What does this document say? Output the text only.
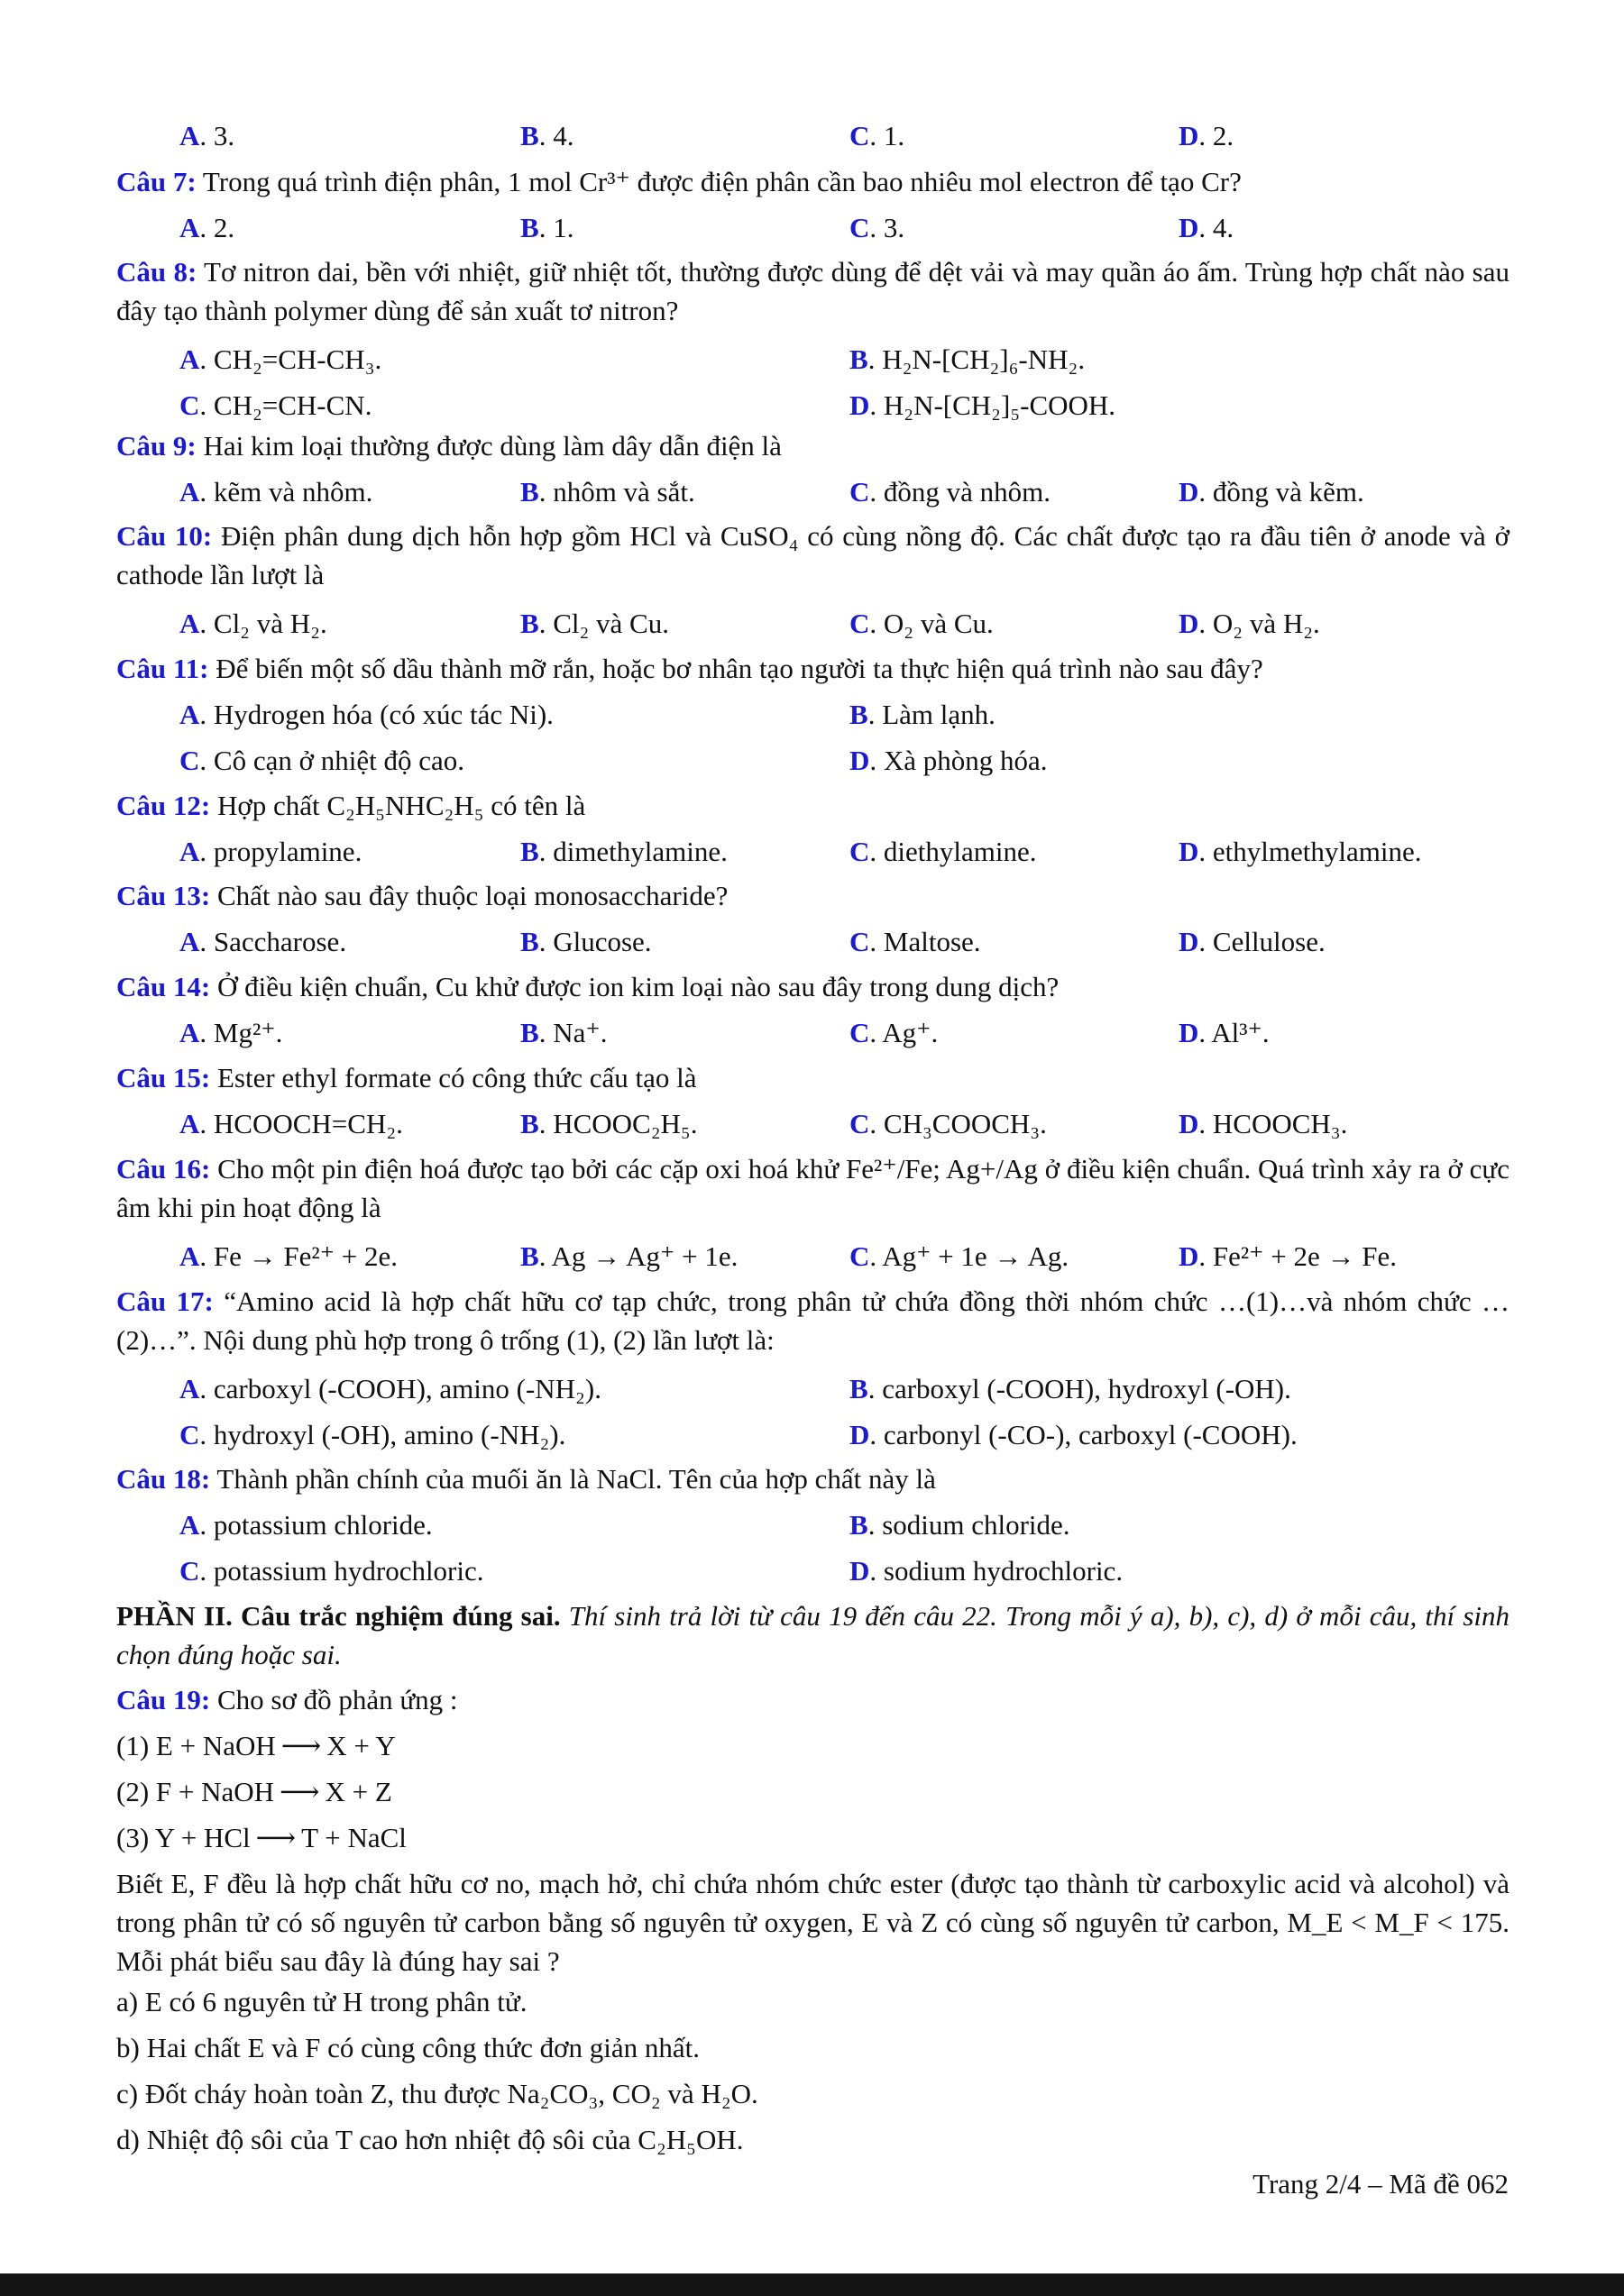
A. 3.	B. 4.	C. 1.	D. 2.
Câu 7: Trong quá trình điện phân, 1 mol Cr³⁺ được điện phân cần bao nhiêu mol electron để tạo Cr?
A. 2.	B. 1.	C. 3.	D. 4.
Câu 8: Tơ nitron dai, bền với nhiệt, giữ nhiệt tốt, thường được dùng để dệt vải và may quần áo ấm. Trùng hợp chất nào sau đây tạo thành polymer dùng để sản xuất tơ nitron?
A. CH₂=CH-CH₃.	B. H₂N-[CH₂]₆-NH₂.
C. CH₂=CH-CN.	D. H₂N-[CH₂]₅-COOH.
Câu 9: Hai kim loại thường được dùng làm dây dẫn điện là
A. kẽm và nhôm.	B. nhôm và sắt.	C. đồng và nhôm.	D. đồng và kẽm.
Câu 10: Điện phân dung dịch hỗn hợp gồm HCl và CuSO₄ có cùng nồng độ. Các chất được tạo ra đầu tiên ở anode và ở cathode lần lượt là
A. Cl₂ và H₂.	B. Cl₂ và Cu.	C. O₂ và Cu.	D. O₂ và H₂.
Câu 11: Để biến một số dầu thành mỡ rắn, hoặc bơ nhân tạo người ta thực hiện quá trình nào sau đây?
A. Hydrogen hóa (có xúc tác Ni).	B. Làm lạnh.
C. Cô cạn ở nhiệt độ cao.	D. Xà phòng hóa.
Câu 12: Hợp chất C₂H₅NHC₂H₅ có tên là
A. propylamine.	B. dimethylamine.	C. diethylamine.	D. ethylmethylamine.
Câu 13: Chất nào sau đây thuộc loại monosaccharide?
A. Saccharose.	B. Glucose.	C. Maltose.	D. Cellulose.
Câu 14: Ở điều kiện chuẩn, Cu khử được ion kim loại nào sau đây trong dung dịch?
A. Mg²⁺.	B. Na⁺.	C. Ag⁺.	D. Al³⁺.
Câu 15: Ester ethyl formate có công thức cấu tạo là
A. HCOOCH=CH₂.	B. HCOOC₂H₅.	C. CH₃COOCH₃.	D. HCOOCH₃.
Câu 16: Cho một pin điện hoá được tạo bởi các cặp oxi hoá khử Fe²⁺/Fe; Ag+/Ag ở điều kiện chuẩn. Quá trình xảy ra ở cực âm khi pin hoạt động là
A. Fe → Fe²⁺ + 2e.	B. Ag → Ag⁺ + 1e.	C. Ag⁺ + 1e → Ag.	D. Fe²⁺ + 2e → Fe.
Câu 17: “Amino acid là hợp chất hữu cơ tạp chức, trong phân tử chứa đồng thời nhóm chức …(1)…và nhóm chức …(2)…”. Nội dung phù hợp trong ô trống (1), (2) lần lượt là:
A. carboxyl (-COOH), amino (-NH₂).	B. carboxyl (-COOH), hydroxyl (-OH).
C. hydroxyl (-OH), amino (-NH₂).	D. carbonyl (-CO-), carboxyl (-COOH).
Câu 18: Thành phần chính của muối ăn là NaCl. Tên của hợp chất này là
A. potassium chloride.	B. sodium chloride.
C. potassium hydrochloric.	D. sodium hydrochloric.
PHẦN II. Câu trắc nghiệm đúng sai. Thí sinh trả lời từ câu 19 đến câu 22. Trong mỗi ý a), b), c), d) ở mỗi câu, thí sinh chọn đúng hoặc sai.
Câu 19: Cho sơ đồ phản ứng :
(1) E + NaOH ⟶ X + Y
(2) F + NaOH ⟶ X + Z
(3) Y + HCl ⟶ T + NaCl
Biết E, F đều là hợp chất hữu cơ no, mạch hở, chỉ chứa nhóm chức ester (được tạo thành từ carboxylic acid và alcohol) và trong phân tử có số nguyên tử carbon bằng số nguyên tử oxygen, E và Z có cùng số nguyên tử carbon, M_E < M_F < 175. Mỗi phát biểu sau đây là đúng hay sai ?
a) E có 6 nguyên tử H trong phân tử.
b) Hai chất E và F có cùng công thức đơn giản nhất.
c) Đốt cháy hoàn toàn Z, thu được Na₂CO₃, CO₂ và H₂O.
d) Nhiệt độ sôi của T cao hơn nhiệt độ sôi của C₂H₅OH.
Trang 2/4 – Mã đề 062
